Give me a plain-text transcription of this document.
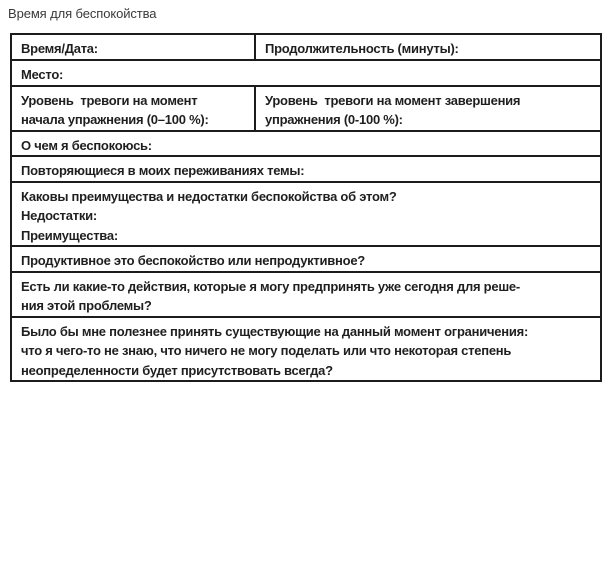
Время для беспокойства
Время/Дата:	Продолжительность (минуты):
Место:
Уровень  тревоги на момент
начала упражнения (0–100 %):
Уровень  тревоги на момент завершения
упражнения (0-100 %):
О чем я беспокоюсь:
Повторяющиеся в моих переживаниях темы:
Каковы преимущества и недостатки беспокойства об этом?
Недостатки:
Преимущества:
Продуктивное это беспокойство или непродуктивное?
Есть ли какие-то действия, которые я могу предпринять уже сегодня для реше-
ния этой проблемы?
Было бы мне полезнее принять существующие на данный момент ограничения:
что я чего-то не знаю, что ничего не могу поделать или что некоторая степень
неопределенности будет присутствовать всегда?
